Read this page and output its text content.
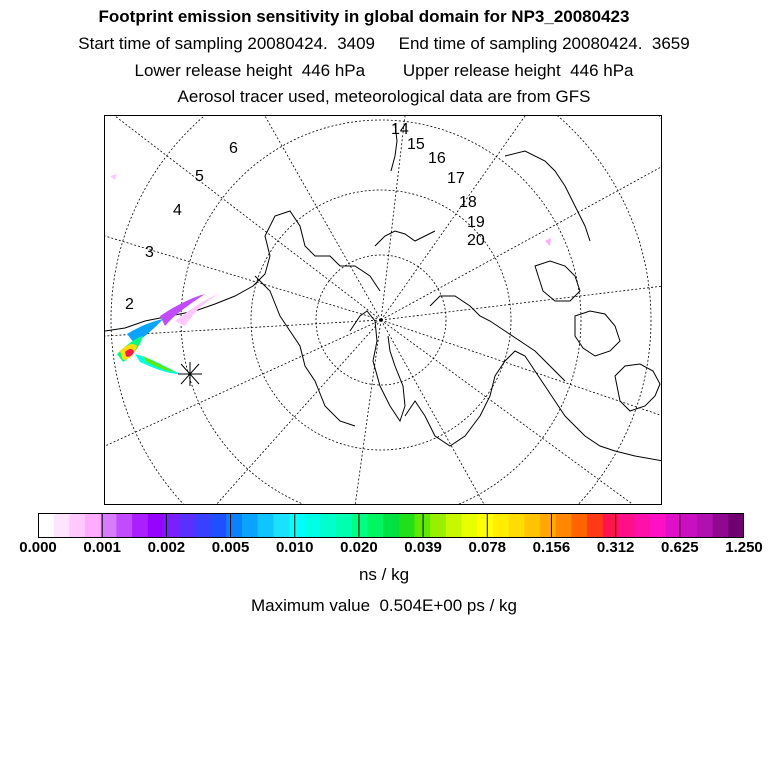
Footprint emission sensitivity in global domain for NP3_20080423
Start time of sampling 20080424.  3409     End time of sampling 20080424.  3659
Lower release height  446 hPa        Upper release height  446 hPa
Aerosol tracer used, meteorological data are from GFS
2
3
4
5
6
14
15
16
17
18
19
20
0.000 0.001 0.002 0.005 0.010 0.020 0.039 0.078 0.156 0.312 0.625 1.250
ns / kg
Maximum value  0.504E+00 ps / kg
